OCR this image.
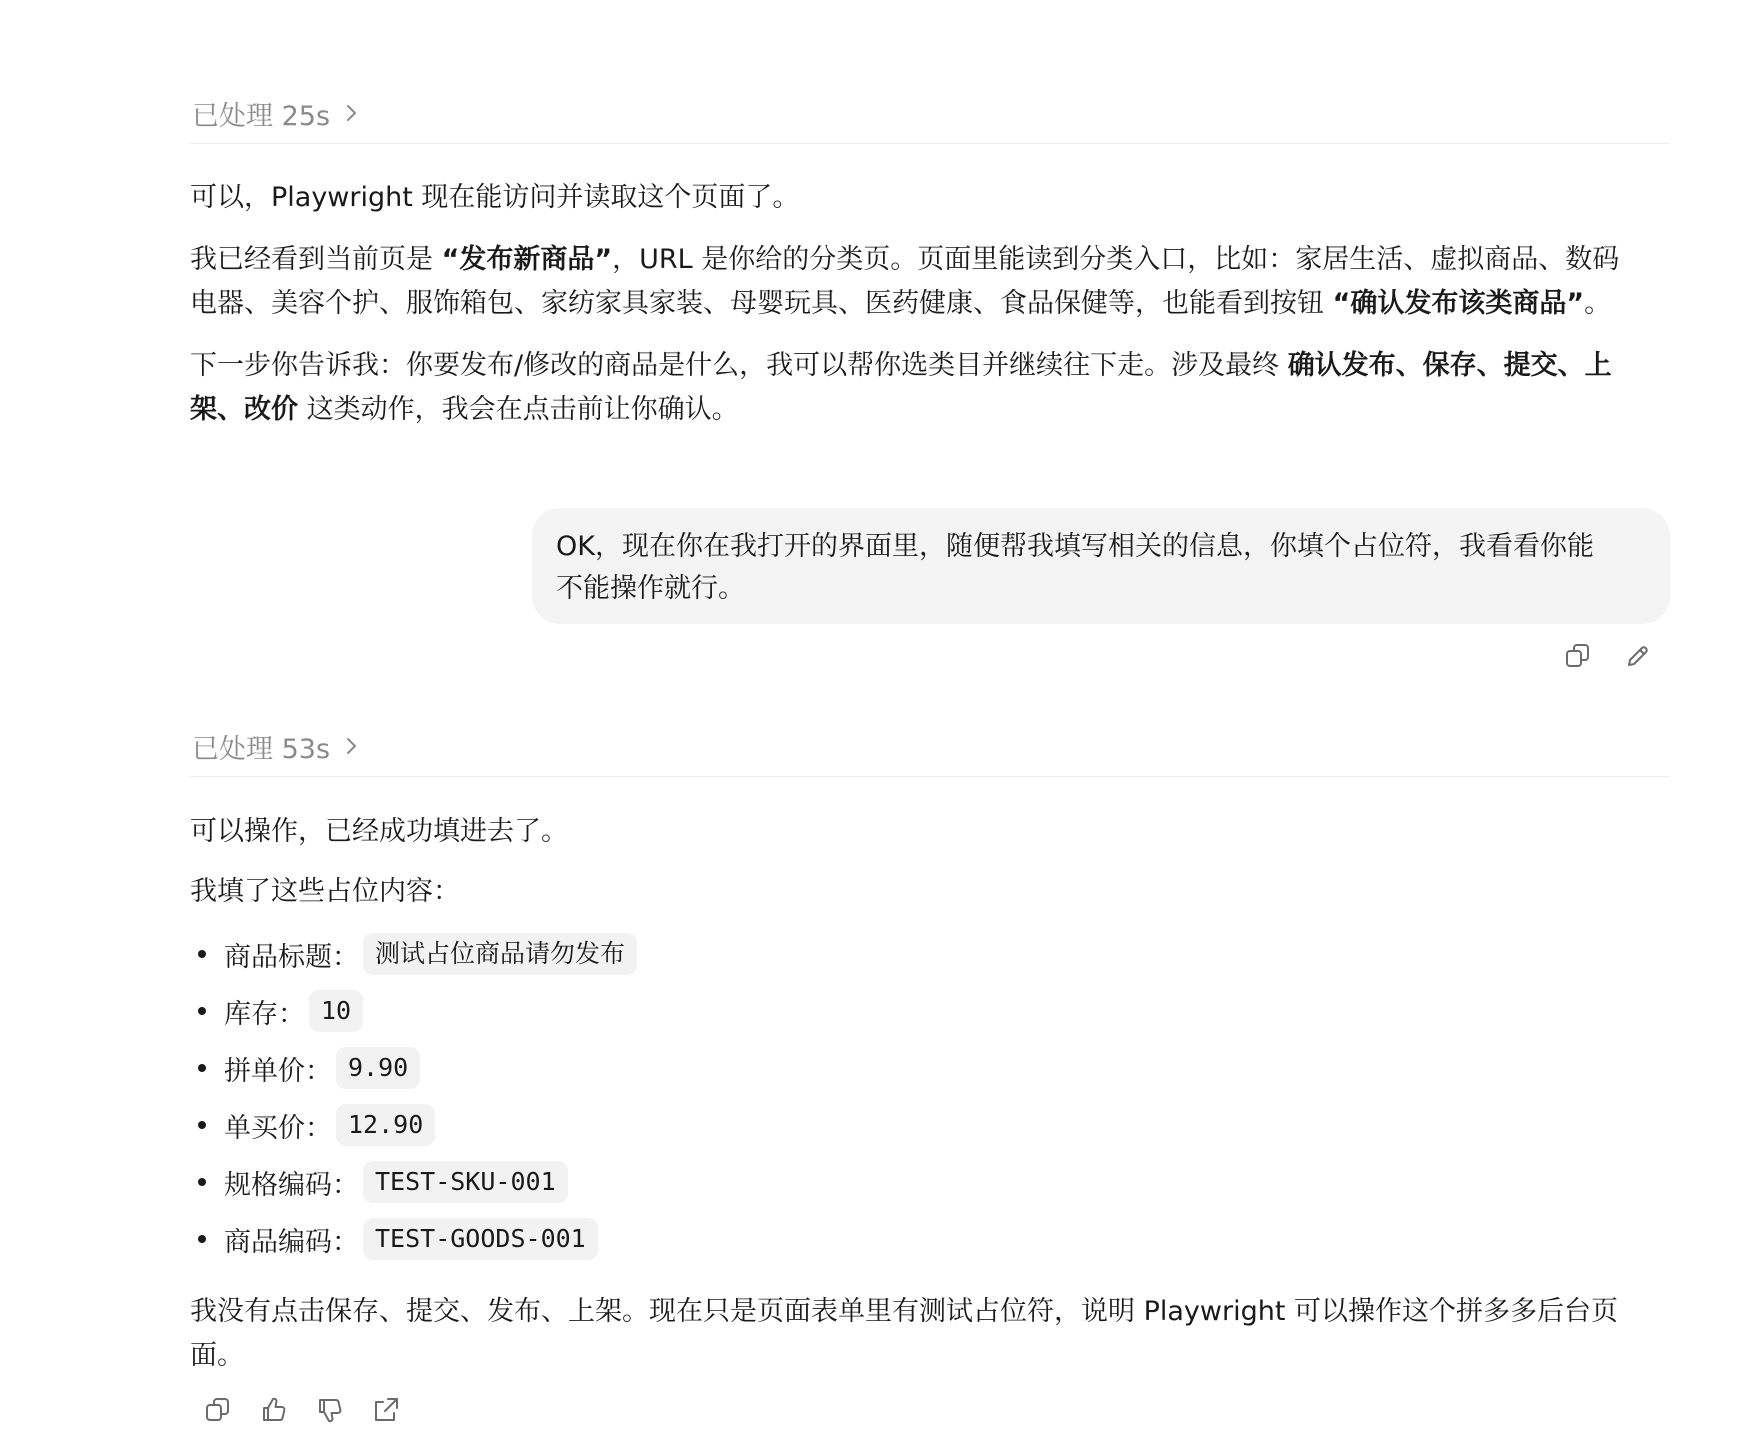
已处理 25s
可以，Playwright 现在能访问并读取这个页面了。
我已经看到当前页是 “发布新商品”，URL 是你给的分类页。页面里能读到分类入口，比如：家居生活、虚拟商品、数码
电器、美容个护、服饰箱包、家纺家具家装、母婴玩具、医药健康、食品保健等，也能看到按钮 “确认发布该类商品”。
下一步你告诉我：你要发布/修改的商品是什么，我可以帮你选类目并继续往下走。涉及最终 确认发布、保存、提交、上
架、改价 这类动作，我会在点击前让你确认。
OK，现在你在我打开的界面里，随便帮我填写相关的信息，你填个占位符，我看看你能
不能操作就行。
已处理 53s
可以操作，已经成功填进去了。
我填了这些占位内容：
商品标题： 测试占位商品请勿发布
库存： 10
拼单价： 9.90
单买价： 12.90
规格编码： TEST-SKU-001
商品编码： TEST-GOODS-001
我没有点击保存、提交、发布、上架。现在只是页面表单里有测试占位符，说明 Playwright 可以操作这个拼多多后台页
面。
